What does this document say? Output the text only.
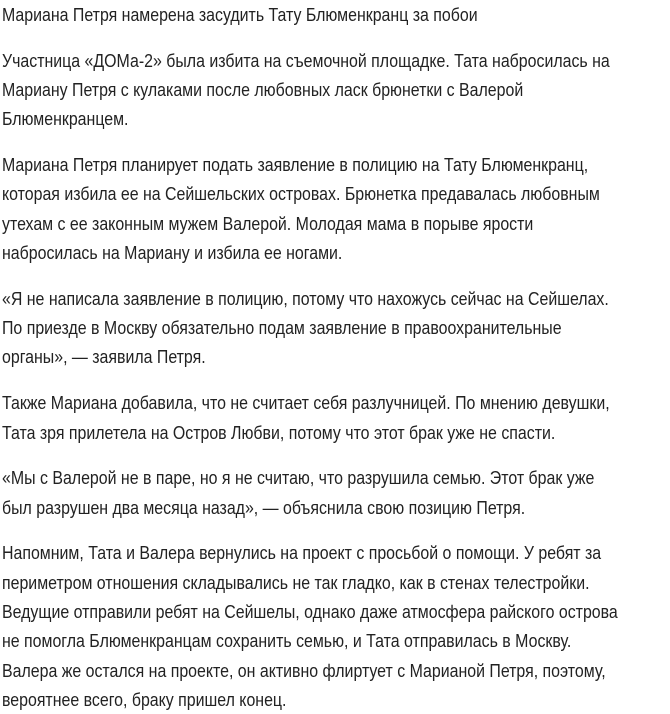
Мариана Петря намерена засудить Тату Блюменкранц за побои
Участница «ДОМа-2» была избита на съемочной площадке. Тата набросилась на
Мариану Петря с кулаками после любовных ласк брюнетки с Валерой
Блюменкранцем.
Мариана Петря планирует подать заявление в полицию на Тату Блюменкранц,
которая избила ее на Сейшельских островах. Брюнетка предавалась любовным
утехам с ее законным мужем Валерой. Молодая мама в порыве ярости
набросилась на Мариану и избила ее ногами.
«Я не написала заявление в полицию, потому что нахожусь сейчас на Сейшелах.
По приезде в Москву обязательно подам заявление в правоохранительные
органы», — заявила Петря.
Также Мариана добавила, что не считает себя разлучницей. По мнению девушки,
Тата зря прилетела на Остров Любви, потому что этот брак уже не спасти.
«Мы с Валерой не в паре, но я не считаю, что разрушила семью. Этот брак уже
был разрушен два месяца назад», — объяснила свою позицию Петря.
Напомним, Тата и Валера вернулись на проект с просьбой о помощи. У ребят за
периметром отношения складывались не так гладко, как в стенах телестройки.
Ведущие отправили ребят на Сейшелы, однако даже атмосфера райского острова
не помогла Блюменкранцам сохранить семью, и Тата отправилась в Москву.
Валера же остался на проекте, он активно флиртует с Марианой Петря, поэтому,
вероятнее всего, браку пришел конец.
